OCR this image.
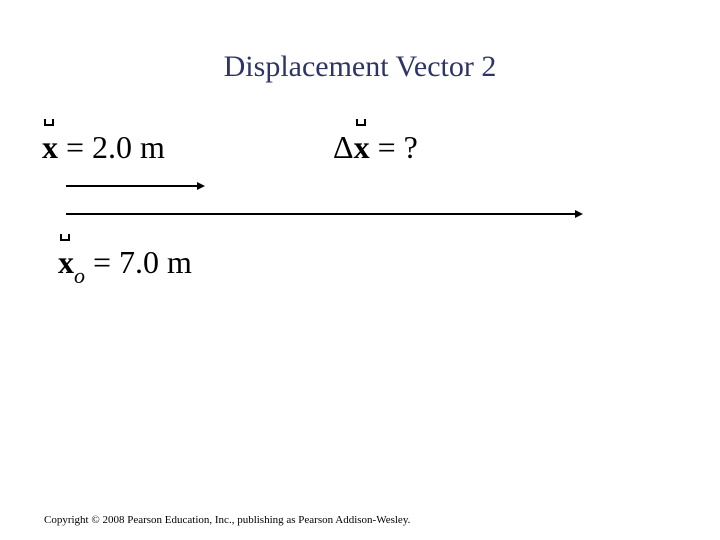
Displacement Vector 2
x = 2.0 m	Δ
x = ?
$x_o = 7.0$ m
Copyright © 2008 Pearson Education, Inc., publishing as Pearson Addison-Wesley.
